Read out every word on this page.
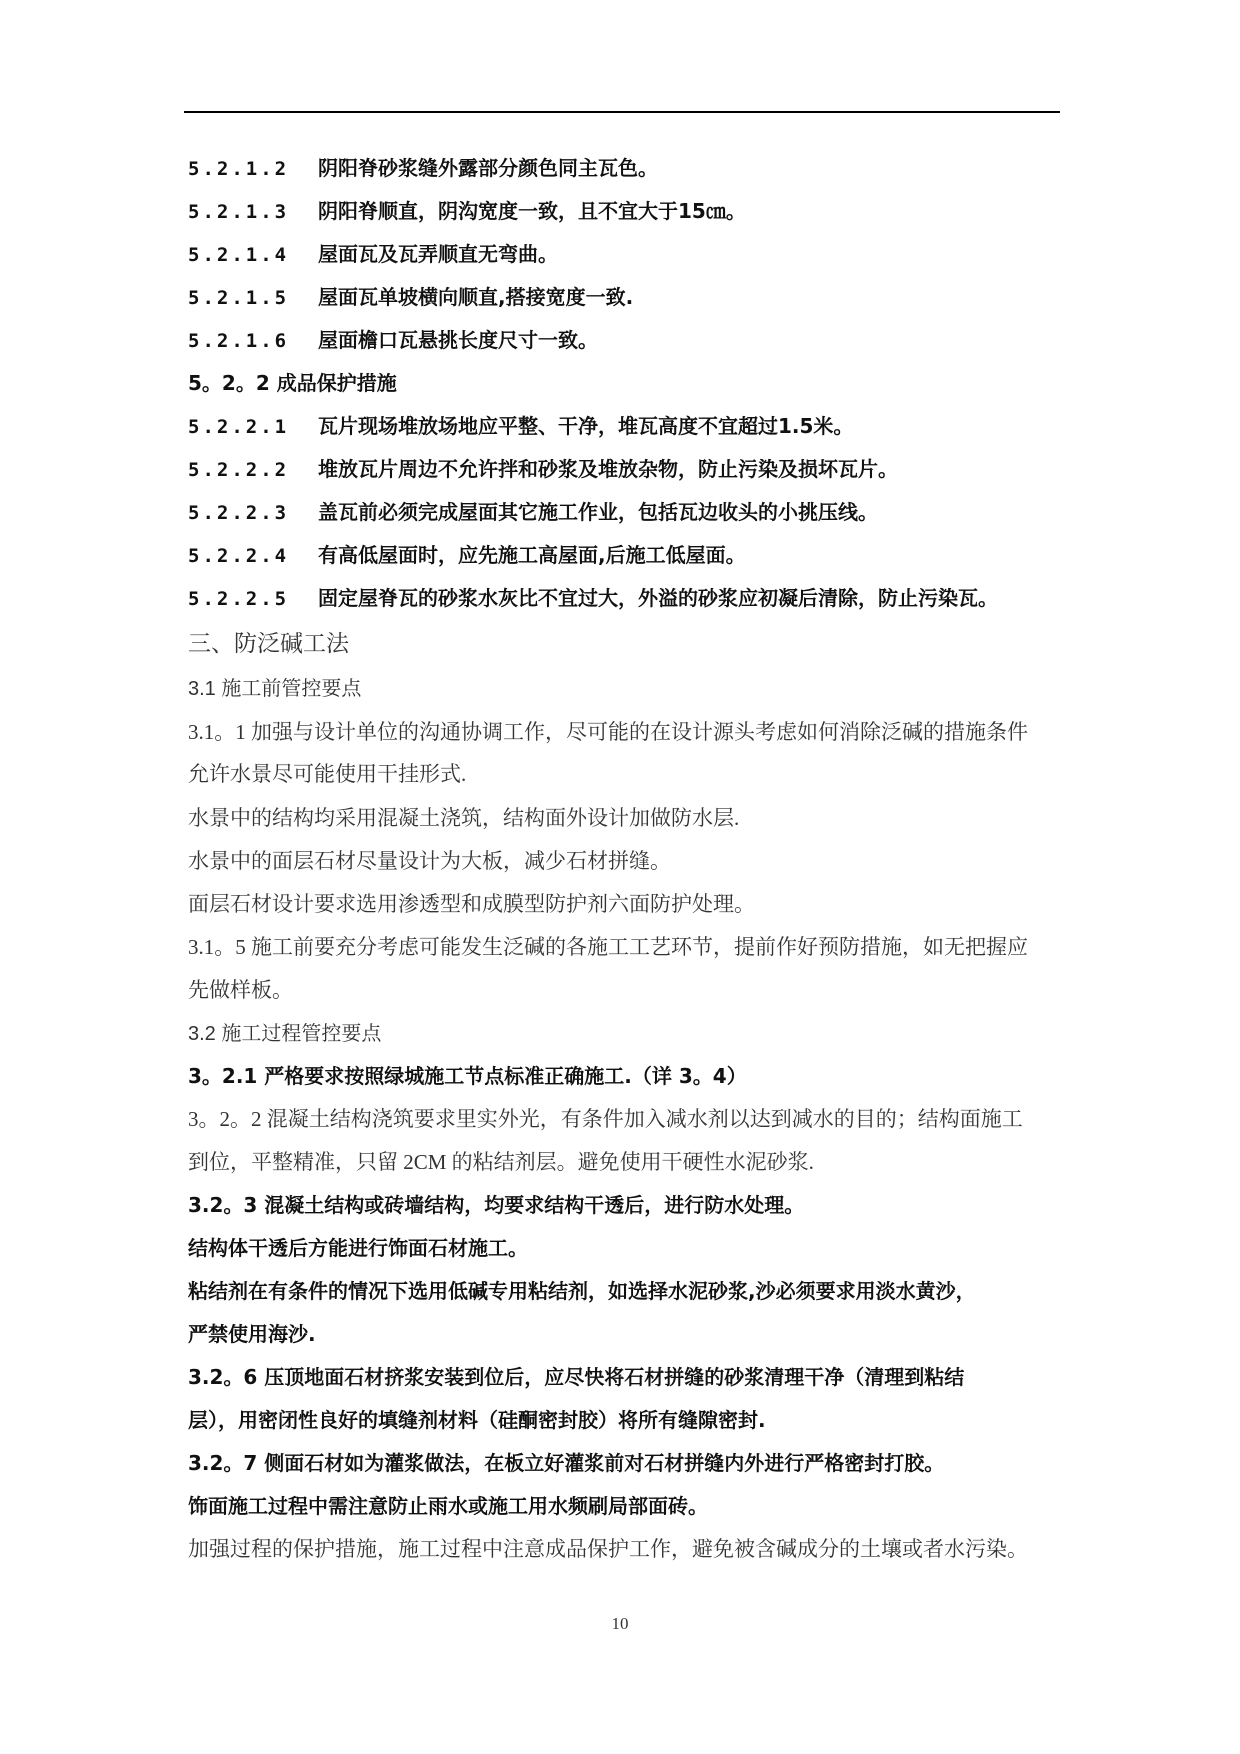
5.2.1.2 阴阳脊砂浆缝外露部分颜色同主瓦色。
5.2.1.3 阴阳脊顺直，阴沟宽度一致，且不宜大于15㎝。
5.2.1.4 屋面瓦及瓦弄顺直无弯曲。
5.2.1.5 屋面瓦单坡横向顺直,搭接宽度一致.
5.2.1.6 屋面檐口瓦悬挑长度尺寸一致。
5。2。2 成品保护措施
5.2.2.1 瓦片现场堆放场地应平整、干净，堆瓦高度不宜超过1.5米。
5.2.2.2 堆放瓦片周边不允许拌和砂浆及堆放杂物，防止污染及损坏瓦片。
5.2.2.3 盖瓦前必须完成屋面其它施工作业，包括瓦边收头的小挑压线。
5.2.2.4 有高低屋面时，应先施工高屋面,后施工低屋面。
5.2.2.5 固定屋脊瓦的砂浆水灰比不宜过大，外溢的砂浆应初凝后清除，防止污染瓦。
三、防泛碱工法
3.1 施工前管控要点
3.1。1 加强与设计单位的沟通协调工作，尽可能的在设计源头考虑如何消除泛碱的措施条件
允许水景尽可能使用干挂形式.
水景中的结构均采用混凝土浇筑，结构面外设计加做防水层.
水景中的面层石材尽量设计为大板，减少石材拼缝。
面层石材设计要求选用渗透型和成膜型防护剂六面防护处理。
3.1。5 施工前要充分考虑可能发生泛碱的各施工工艺环节，提前作好预防措施，如无把握应
先做样板。
3.2 施工过程管控要点
3。2.1 严格要求按照绿城施工节点标准正确施工.（详 3。4）
3。2。2 混凝土结构浇筑要求里实外光，有条件加入减水剂以达到减水的目的；结构面施工
到位，平整精准，只留 2CM 的粘结剂层。避免使用干硬性水泥砂浆.
3.2。3 混凝土结构或砖墙结构，均要求结构干透后，进行防水处理。
结构体干透后方能进行饰面石材施工。
粘结剂在有条件的情况下选用低碱专用粘结剂，如选择水泥砂浆,沙必须要求用淡水黄沙，
严禁使用海沙.
3.2。6 压顶地面石材挤浆安装到位后，应尽快将石材拼缝的砂浆清理干净（清理到粘结
层），用密闭性良好的填缝剂材料（硅酮密封胶）将所有缝隙密封.
3.2。7 侧面石材如为灌浆做法，在板立好灌浆前对石材拼缝内外进行严格密封打胶。
饰面施工过程中需注意防止雨水或施工用水频刷局部面砖。
加强过程的保护措施，施工过程中注意成品保护工作，避免被含碱成分的土壤或者水污染。
10
